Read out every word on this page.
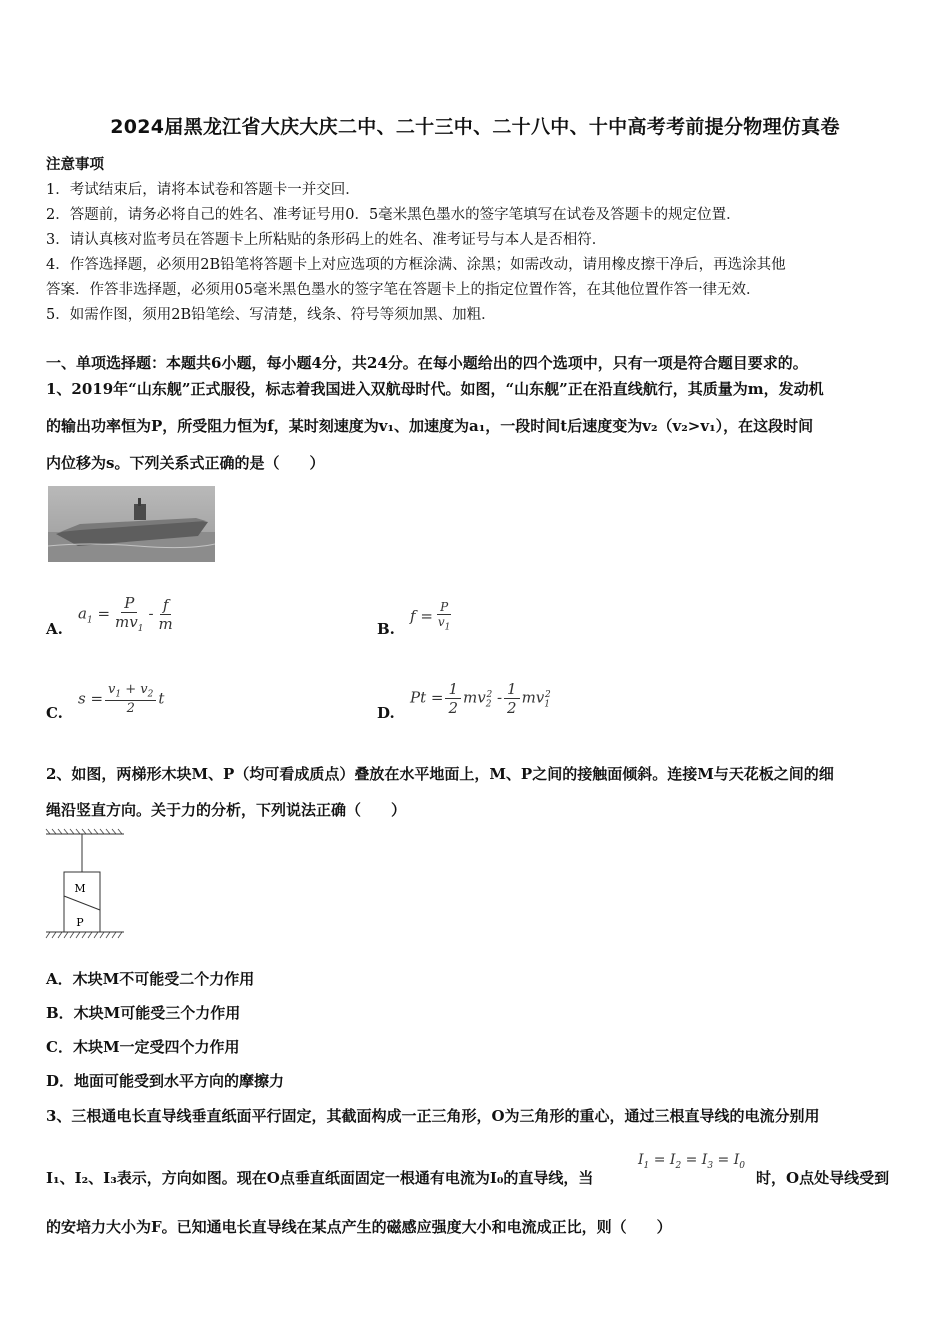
2024届黑龙江省大庆大庆二中、二十三中、二十八中、十中高考考前提分物理仿真卷
注意事项
1．考试结束后，请将本试卷和答题卡一并交回．
2．答题前，请务必将自己的姓名、准考证号用0．5毫米黑色墨水的签字笔填写在试卷及答题卡的规定位置．
3．请认真核对监考员在答题卡上所粘贴的条形码上的姓名、准考证号与本人是否相符．
4．作答选择题，必须用2B铅笔将答题卡上对应选项的方框涂满、涂黑；如需改动，请用橡皮擦干净后，再选涂其他
答案．作答非选择题，必须用05毫米黑色墨水的签字笔在答题卡上的指定位置作答，在其他位置作答一律无效．
5．如需作图，须用2B铅笔绘、写清楚，线条、符号等须加黑、加粗．
一、单项选择题：本题共6小题，每小题4分，共24分。在每小题给出的四个选项中，只有一项是符合题目要求的。
1、2019年“山东舰”正式服役，标志着我国进入双航母时代。如图，“山东舰”正在沿直线航行，其质量为m，发动机
的输出功率恒为P，所受阻力恒为f，某时刻速度为v₁、加速度为a₁，一段时间t后速度变为v₂（v₂>v₁），在这段时间
内位移为s。下列关系式正确的是（　　）
A.
$a_1 = \frac{P}{mv_1} - \frac{f}{m}$	B.
$f = \frac{P}{v_1}$
C.
$s = \frac{v_1 + v_2}{2}$ t
D.
$Pt = \frac{1}{2} mv_2^2 - \frac{1}{2} mv_1^2$
2、如图，两梯形木块M、P（均可看成质点）叠放在水平地面上，M、P之间的接触面倾斜。连接M与天花板之间的细
绳沿竖直方向。关于力的分析，下列说法正确（　　）
M
P
A．木块M不可能受二个力作用
B．木块M可能受三个力作用
C．木块M一定受四个力作用
D．地面可能受到水平方向的摩擦力
3、三根通电长直导线垂直纸面平行固定，其截面构成一正三角形，O为三角形的重心，通过三根直导线的电流分别用
I₁、I₂、I₃表示，方向如图。现在O点垂直纸面固定一根通有电流为I₀的直导线，当
$I_1 = I_2 = I_3 = I_0$
时，O点处导线受到
的安培力大小为F。已知通电长直导线在某点产生的磁感应强度大小和电流成正比，则（　　）
